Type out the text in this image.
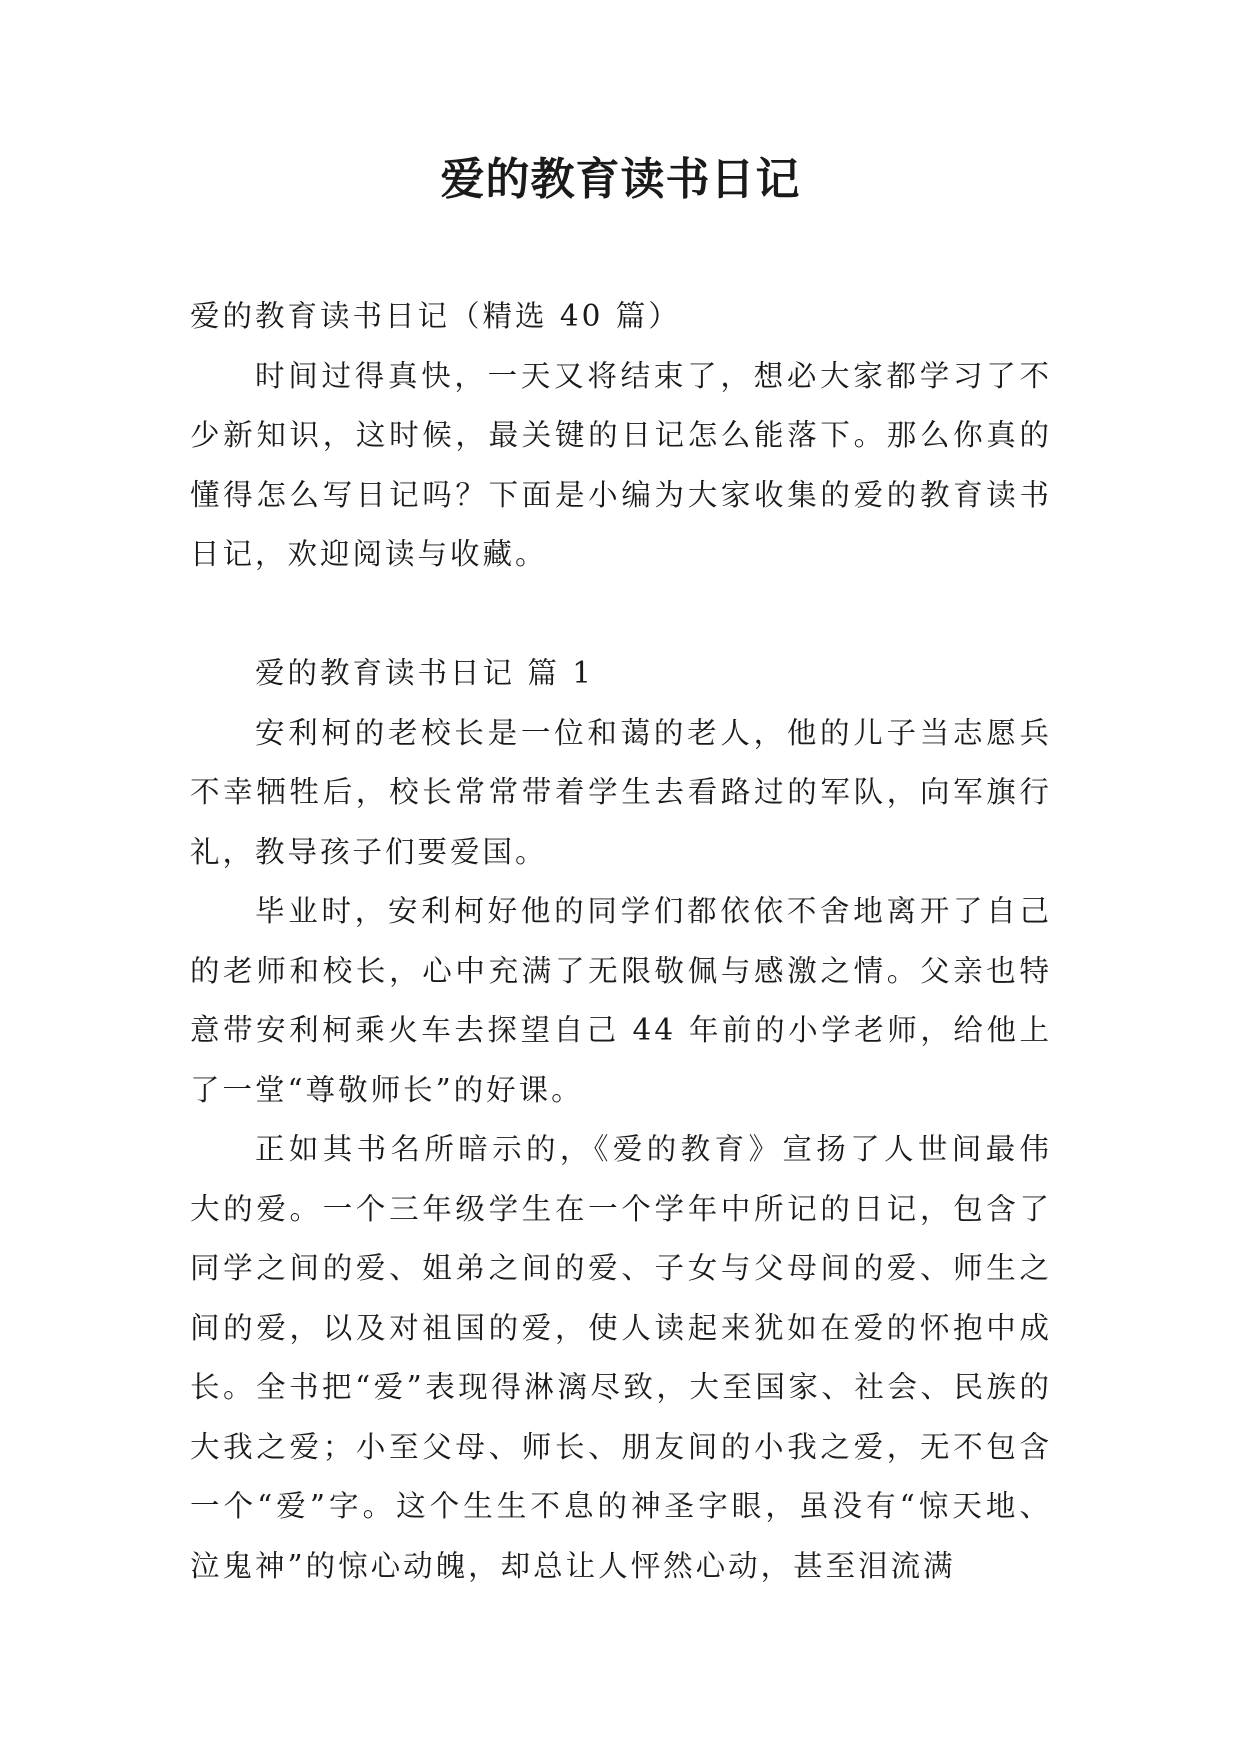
爱的教育读书日记

爱的教育读书日记（精选 40 篇）

时间过得真快，一天又将结束了，想必大家都学习了不少新知识，这时候，最关键的日记怎么能落下。那么你真的懂得怎么写日记吗？下面是小编为大家收集的爱的教育读书日记，欢迎阅读与收藏。

爱的教育读书日记 篇 1

安利柯的老校长是一位和蔼的老人，他的儿子当志愿兵不幸牺牲后，校长常常带着学生去看路过的军队，向军旗行礼，教导孩子们要爱国。

毕业时，安利柯好他的同学们都依依不舍地离开了自己的老师和校长，心中充满了无限敬佩与感激之情。父亲也特意带安利柯乘火车去探望自己 44 年前的小学老师，给他上了一堂“尊敬师长”的好课。

正如其书名所暗示的，《爱的教育》宣扬了人世间最伟大的爱。一个三年级学生在一个学年中所记的日记，包含了同学之间的爱、姐弟之间的爱、子女与父母间的爱、师生之间的爱，以及对祖国的爱，使人读起来犹如在爱的怀抱中成长。全书把“爱”表现得淋漓尽致，大至国家、社会、民族的大我之爱；小至父母、师长、朋友间的小我之爱，无不包含一个“爱”字。这个生生不息的神圣字眼，虽没有“惊天地、泣鬼神”的惊心动魄，却总让人怦然心动，甚至泪流满
